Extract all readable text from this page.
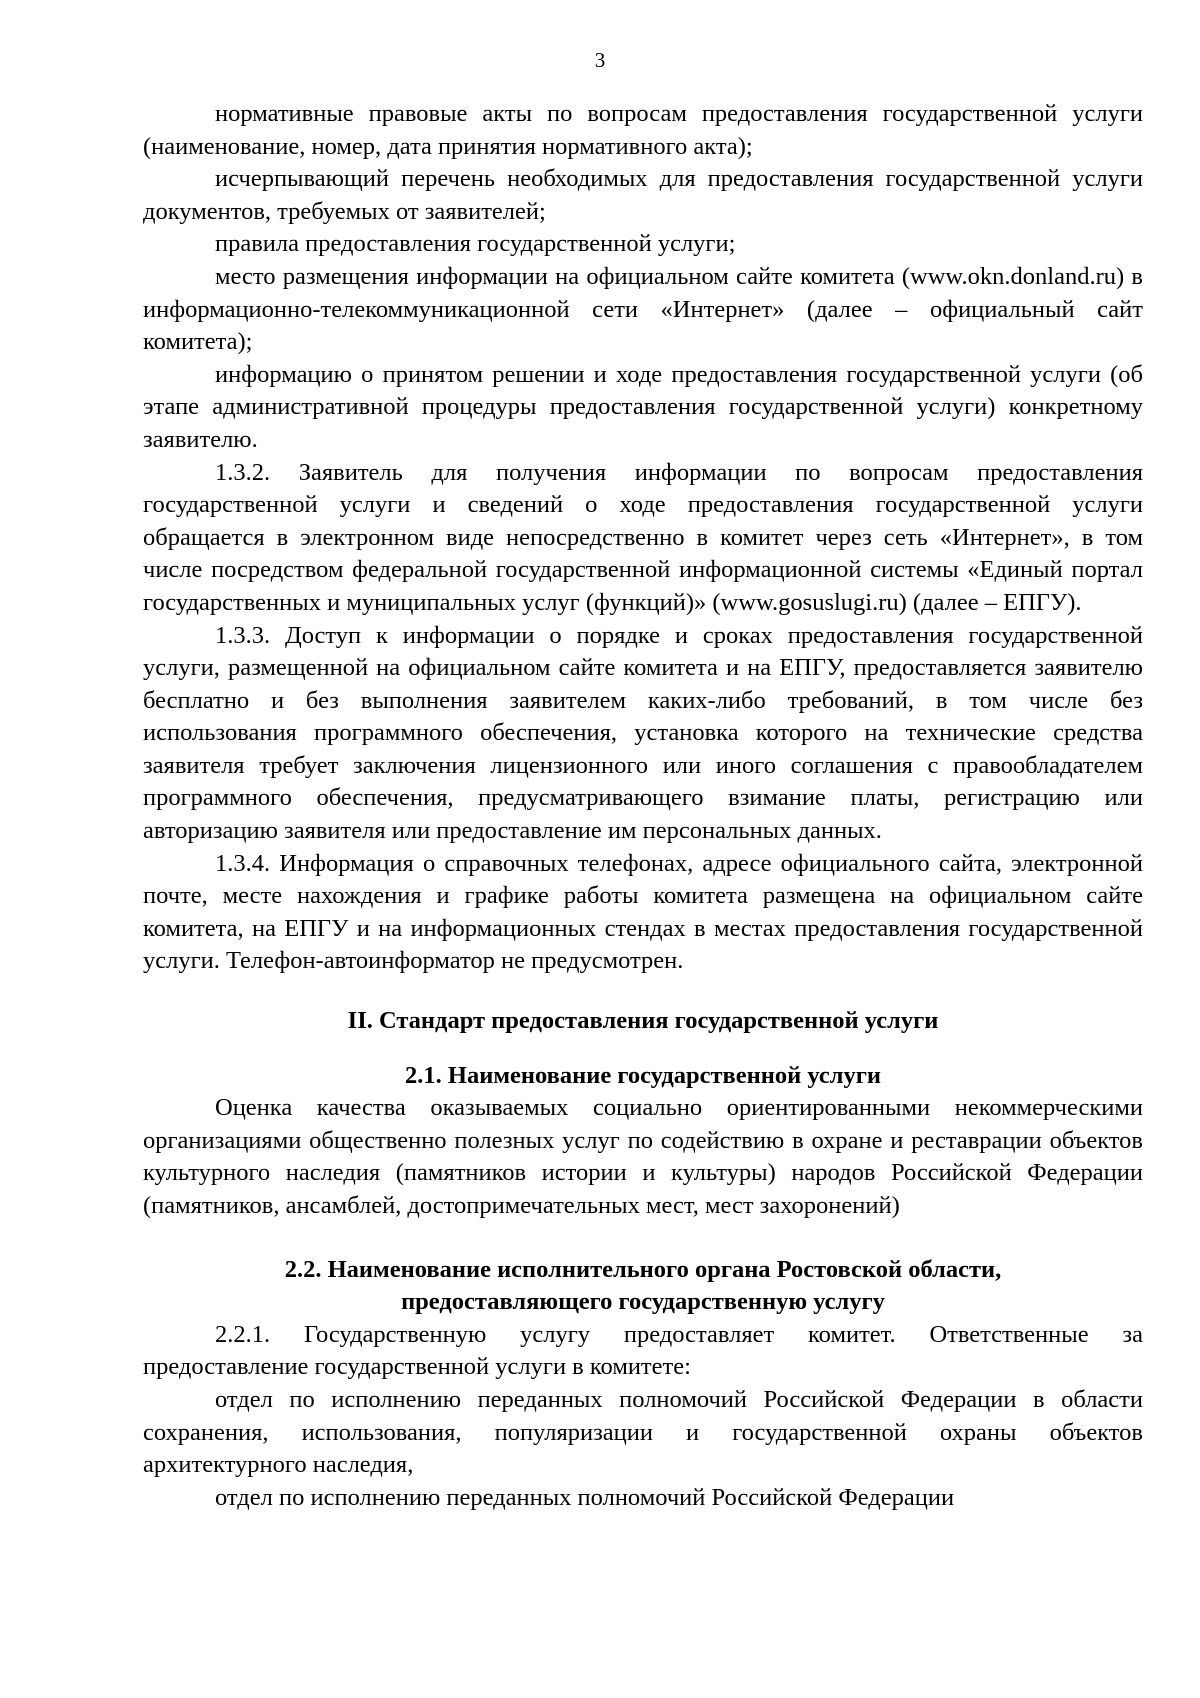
3

нормативные правовые акты по вопросам предоставления государственной услуги (наименование, номер, дата принятия нормативного акта);

исчерпывающий перечень необходимых для предоставления государственной услуги документов, требуемых от заявителей;

правила предоставления государственной услуги;

место размещения информации на официальном сайте комитета (www.okn.donland.ru) в информационно-телекоммуникационной сети «Интернет» (далее – официальный сайт комитета);

информацию о принятом решении и ходе предоставления государственной услуги (об этапе административной процедуры предоставления государственной услуги) конкретному заявителю.

1.3.2. Заявитель для получения информации по вопросам предоставления государственной услуги и сведений о ходе предоставления государственной услуги обращается в электронном виде непосредственно в комитет через сеть «Интернет», в том числе посредством федеральной государственной информационной системы «Единый портал государственных и муниципальных услуг (функций)» (www.gosuslugi.ru) (далее – ЕПГУ).

1.3.3. Доступ к информации о порядке и сроках предоставления государственной услуги, размещенной на официальном сайте комитета и на ЕПГУ, предоставляется заявителю бесплатно и без выполнения заявителем каких-либо требований, в том числе без использования программного обеспечения, установка которого на технические средства заявителя требует заключения лицензионного или иного соглашения с правообладателем программного обеспечения, предусматривающего взимание платы, регистрацию или авторизацию заявителя или предоставление им персональных данных.

1.3.4. Информация о справочных телефонах, адресе официального сайта, электронной почте, месте нахождения и графике работы комитета размещена на официальном сайте комитета, на ЕПГУ и на информационных стендах в местах предоставления государственной услуги. Телефон-автоинформатор не предусмотрен.

II. Стандарт предоставления государственной услуги

2.1. Наименование государственной услуги

Оценка качества оказываемых социально ориентированными некоммерческими организациями общественно полезных услуг по содействию в охране и реставрации объектов культурного наследия (памятников истории и культуры) народов Российской Федерации (памятников, ансамблей, достопримечательных мест, мест захоронений)

2.2. Наименование исполнительного органа Ростовской области,

предоставляющего государственную услугу

2.2.1. Государственную услугу предоставляет комитет. Ответственные за предоставление государственной услуги в комитете:

отдел по исполнению переданных полномочий Российской Федерации в области сохранения, использования, популяризации и государственной охраны объектов архитектурного наследия,

отдел по исполнению переданных полномочий Российской Федерации
